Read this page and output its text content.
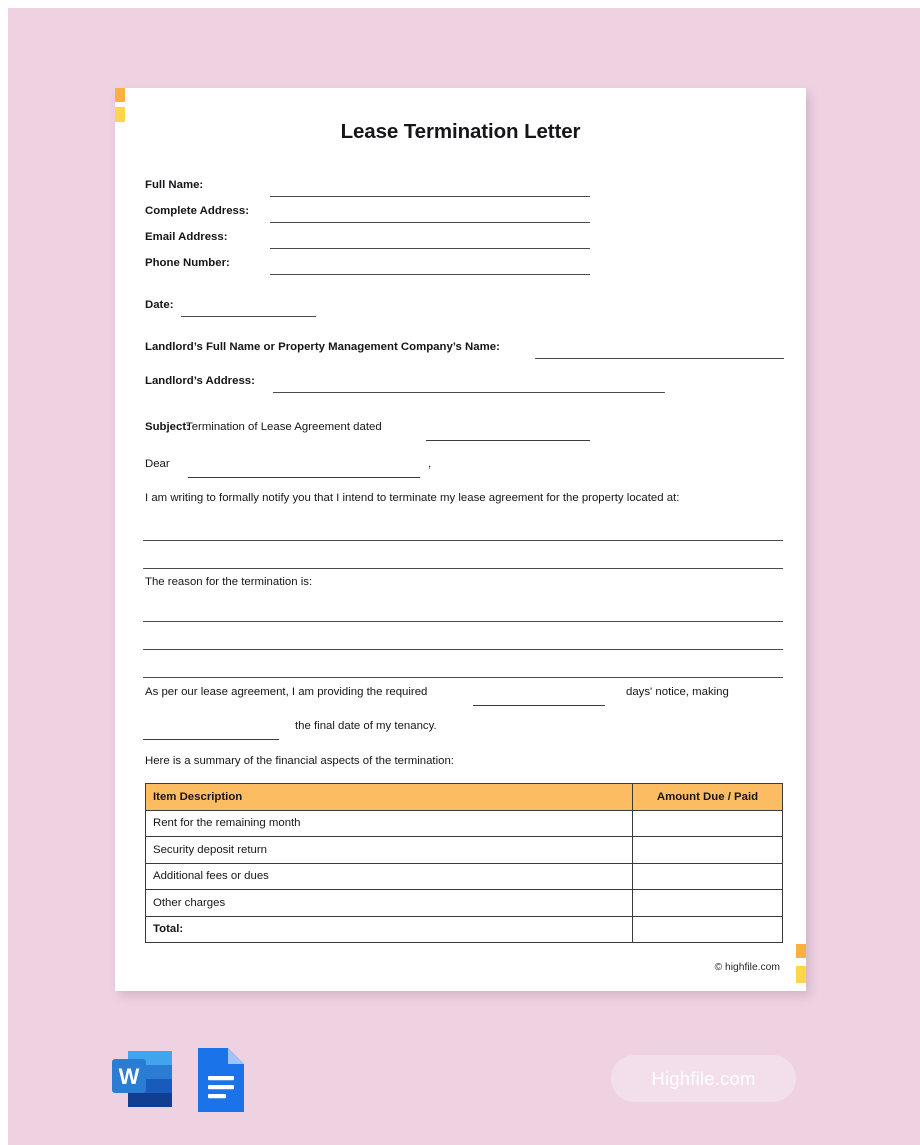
Lease Termination Letter
Full Name:
Complete Address:
Email Address:
Phone Number:
Date:
Landlord’s Full Name or Property Management Company’s Name:
Landlord’s Address:
Subject:
Termination of Lease Agreement dated
Dear	,
I am writing to formally notify you that I intend to terminate my lease agreement for the property located at:
The reason for the termination is:
As per our lease agreement, I am providing the required	days' notice, making
the final date of my tenancy.
Here is a summary of the financial aspects of the termination:
Item Description	Amount Due / Paid
Rent for the remaining month	
Security deposit return	
Additional fees or dues	
Other charges	
Total:	
© highfile.com
W	Highfile.com
